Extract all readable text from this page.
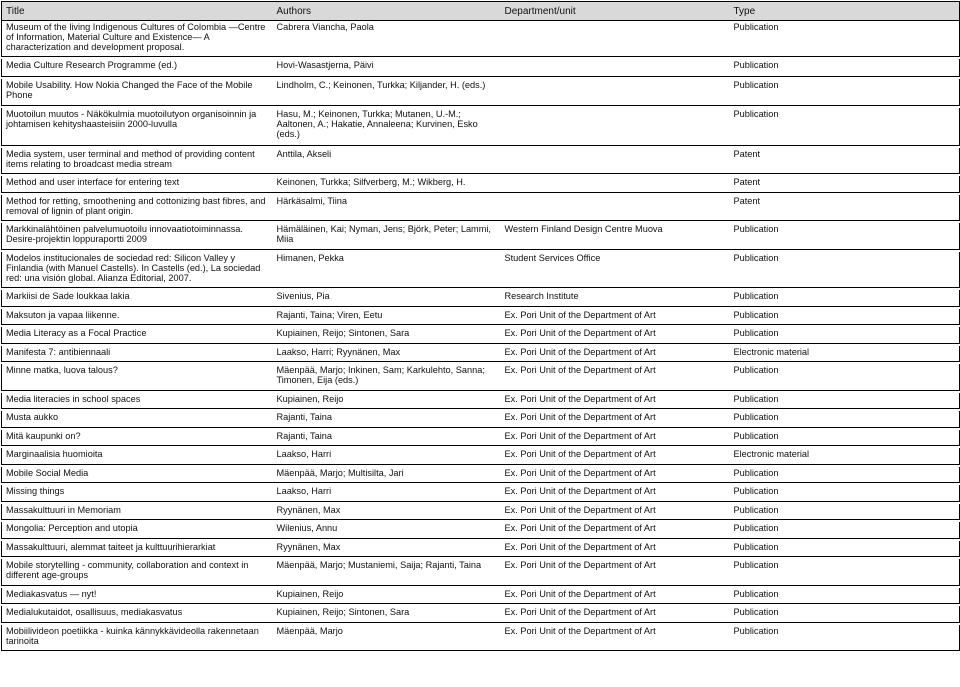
Title	Authors	Department/unit	Type
Museum of the living Indigenous Cultures of Colombia —Centre of Information, Material Culture and Existence— A characterization and development proposal.	Cabrera Viancha, Paola		Publication

Media Culture Research Programme (ed.)	Hovi-Wasastjerna, Päivi		Publication

Mobile Usability. How Nokia Changed the Face of the Mobile Phone	Lindholm, C.; Keinonen, Turkka; Kiljander, H. (eds.)		Publication

Muotoilun muutos - Näkökulmia muotoilutyon organisoinnin ja johtamisen kehityshaasteisiin 2000-luvulla	Hasu, M.; Keinonen, Turkka; Mutanen, U.-M.; Aaltonen, A.; Hakatie, Annaleena; Kurvinen, Esko (eds.)		Publication

Media system, user terminal and method of providing content items relating to broadcast media stream	Anttila, Akseli		Patent

Method and user interface for entering text	Keinonen, Turkka; Silfverberg, M.; Wikberg, H.		Patent

Method for retting, smoothening and cottonizing bast fibres, and removal of lignin of plant origin.	Härkäsalmi, Tiina		Patent

Markkinalähtöinen palvelumuotoilu innovaatiotoiminnassa. Desire-projektin loppuraportti 2009	Hämäläinen, Kai; Nyman, Jens; Björk, Peter; Lammi, Miia	Western Finland Design Centre Muova	Publication

Modelos institucionales de sociedad red: Silicon Valley y Finlandia (with Manuel Castells). In Castells (ed.), La sociedad red: una visión global. Alianza Editorial, 2007.	Himanen, Pekka	Student Services Office	Publication

Markiisi de Sade loukkaa lakia	Sivenius, Pia	Research Institute	Publication

Maksuton ja vapaa liikenne.	Rajanti, Taina; Viren, Eetu	Ex. Pori Unit of the Department of Art	Publication

Media Literacy as a Focal Practice	Kupiainen, Reijo; Sintonen, Sara	Ex. Pori Unit of the Department of Art	Publication

Manifesta 7: antibiennaali	Laakso, Harri; Ryynänen, Max	Ex. Pori Unit of the Department of Art	Electronic material

Minne matka, luova talous?	Mäenpää, Marjo; Inkinen, Sam; Karkulehto, Sanna; Timonen, Eija (eds.)	Ex. Pori Unit of the Department of Art	Publication

Media literacies in school spaces	Kupiainen, Reijo	Ex. Pori Unit of the Department of Art	Publication

Musta aukko	Rajanti, Taina	Ex. Pori Unit of the Department of Art	Publication

Mitä kaupunki on?	Rajanti, Taina	Ex. Pori Unit of the Department of Art	Publication

Marginaalisia huomioita	Laakso, Harri	Ex. Pori Unit of the Department of Art	Electronic material

Mobile Social Media	Mäenpää, Marjo; Multisilta, Jari	Ex. Pori Unit of the Department of Art	Publication

Missing things	Laakso, Harri	Ex. Pori Unit of the Department of Art	Publication

Massakulttuuri in Memoriam	Ryynänen, Max	Ex. Pori Unit of the Department of Art	Publication

Mongolia: Perception and utopia	Wilenius, Annu	Ex. Pori Unit of the Department of Art	Publication

Massakulttuuri, alemmat taiteet ja kulttuurihierarkiat	Ryynänen, Max	Ex. Pori Unit of the Department of Art	Publication

Mobile storytelling - community, collaboration and context in different age-groups	Mäenpää, Marjo; Mustaniemi, Saija; Rajanti, Taina	Ex. Pori Unit of the Department of Art	Publication

Mediakasvatus — nyt!	Kupiainen, Reijo	Ex. Pori Unit of the Department of Art	Publication

Medialukutaidot, osallisuus, mediakasvatus	Kupiainen, Reijo; Sintonen, Sara	Ex. Pori Unit of the Department of Art	Publication

Mobiilivideon poetiikka - kuinka kännykkävideolla rakennetaan tarinoita	Mäenpää, Marjo	Ex. Pori Unit of the Department of Art	Publication
